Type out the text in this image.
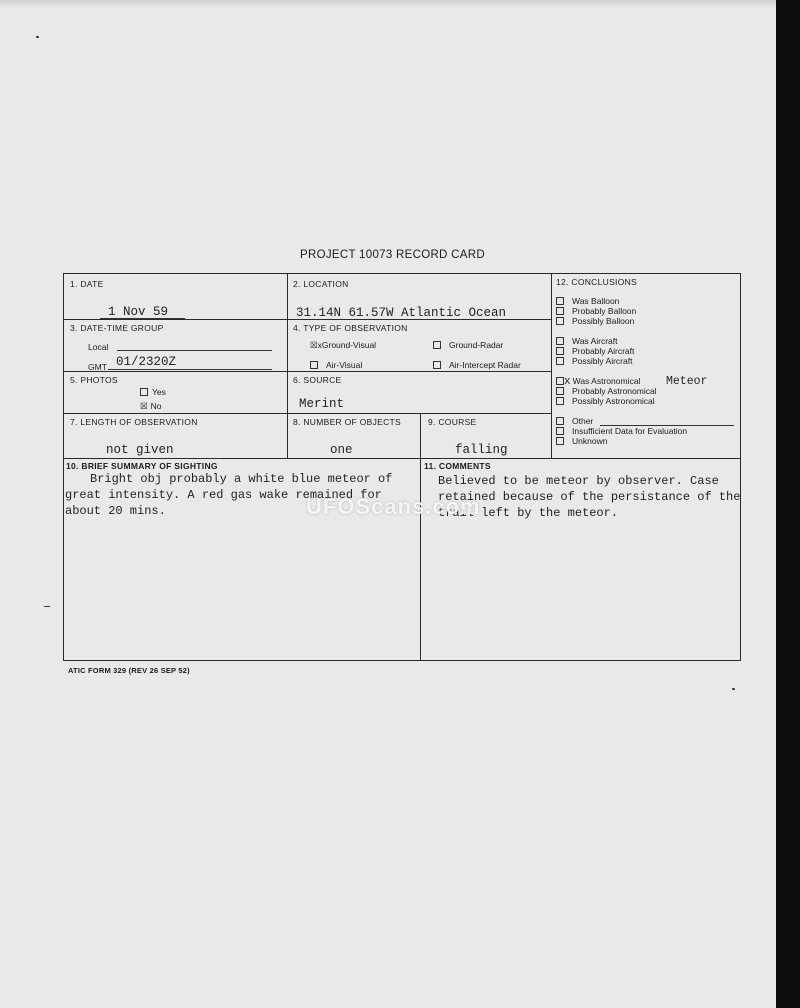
PROJECT 10073 RECORD CARD
1. DATE
1 Nov 59
2. LOCATION
31.14N 61.57W Atlantic Ocean
3. DATE-TIME GROUP
Local
GMT 01/2320Z
4. TYPE OF OBSERVATION
☒xGround-Visual	Ground-Radar
Air-Visual	Air-Intercept Radar
5. PHOTOS
Yes
☒ No
6. SOURCE
Merint
7. LENGTH OF OBSERVATION
not given
8. NUMBER OF OBJECTS
one
9. COURSE
falling
12. CONCLUSIONS
Was Balloon
Probably Balloon
Possibly Balloon
Was Aircraft
Probably Aircraft
Possibly Aircraft
x Was Astronomical Meteor
Probably Astronomical
Possibly Astronomical
Other
Insufficient Data for Evaluation
Unknown
10. BRIEF SUMMARY OF SIGHTING
Bright obj probably a white blue meteor of
great intensity. A red gas wake remained for
about 20 mins.
11. COMMENTS
Believed to be meteor by observer. Case
retained because of the persistance of the
trail left by the meteor.
UFOScans.com
ATIC FORM 329 (REV 26 SEP 52)
